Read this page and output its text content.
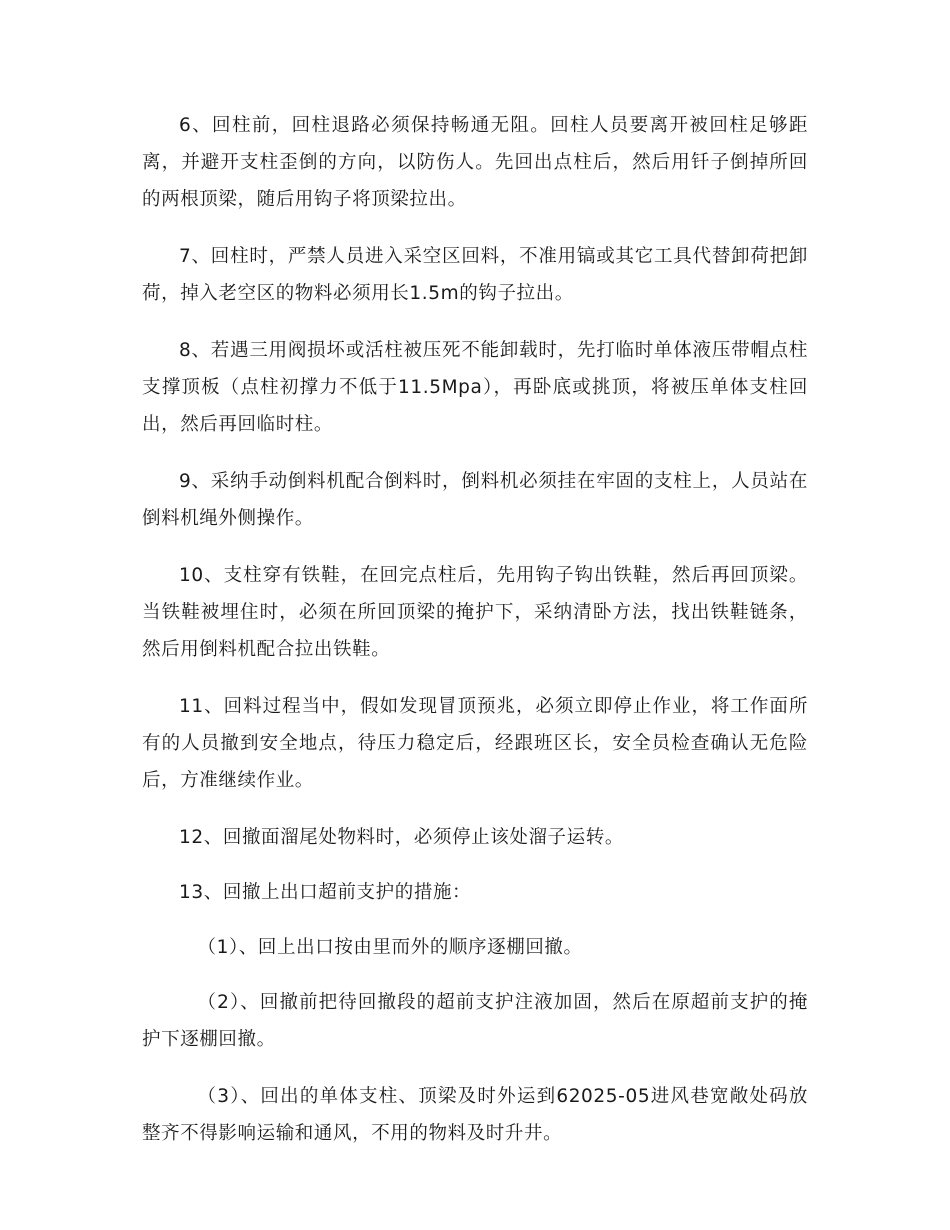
6、回柱前，回柱退路必须保持畅通无阻。回柱人员要离开被回柱足够距离，并避开支柱歪倒的方向，以防伤人。先回出点柱后，然后用钎子倒掉所回的两根顶梁，随后用钩子将顶梁拉出。

7、回柱时，严禁人员进入采空区回料，不准用镐或其它工具代替卸荷把卸荷，掉入老空区的物料必须用长1.5m的钩子拉出。

8、若遇三用阀损坏或活柱被压死不能卸载时，先打临时单体液压带帽点柱支撑顶板（点柱初撑力不低于11.5Mpa），再卧底或挑顶，将被压单体支柱回出，然后再回临时柱。

9、采纳手动倒料机配合倒料时，倒料机必须挂在牢固的支柱上，人员站在倒料机绳外侧操作。

10、支柱穿有铁鞋，在回完点柱后，先用钩子钩出铁鞋，然后再回顶梁。当铁鞋被埋住时，必须在所回顶梁的掩护下，采纳清卧方法，找出铁鞋链条，然后用倒料机配合拉出铁鞋。

11、回料过程当中，假如发现冒顶预兆，必须立即停止作业，将工作面所有的人员撤到安全地点，待压力稳定后，经跟班区长，安全员检查确认无危险后，方准继续作业。

12、回撤面溜尾处物料时，必须停止该处溜子运转。

13、回撤上出口超前支护的措施：

（1）、回上出口按由里而外的顺序逐棚回撤。

（2）、回撤前把待回撤段的超前支护注液加固，然后在原超前支护的掩护下逐棚回撤。

（3）、回出的单体支柱、顶梁及时外运到62025-05进风巷宽敞处码放整齐不得影响运输和通风，不用的物料及时升井。
